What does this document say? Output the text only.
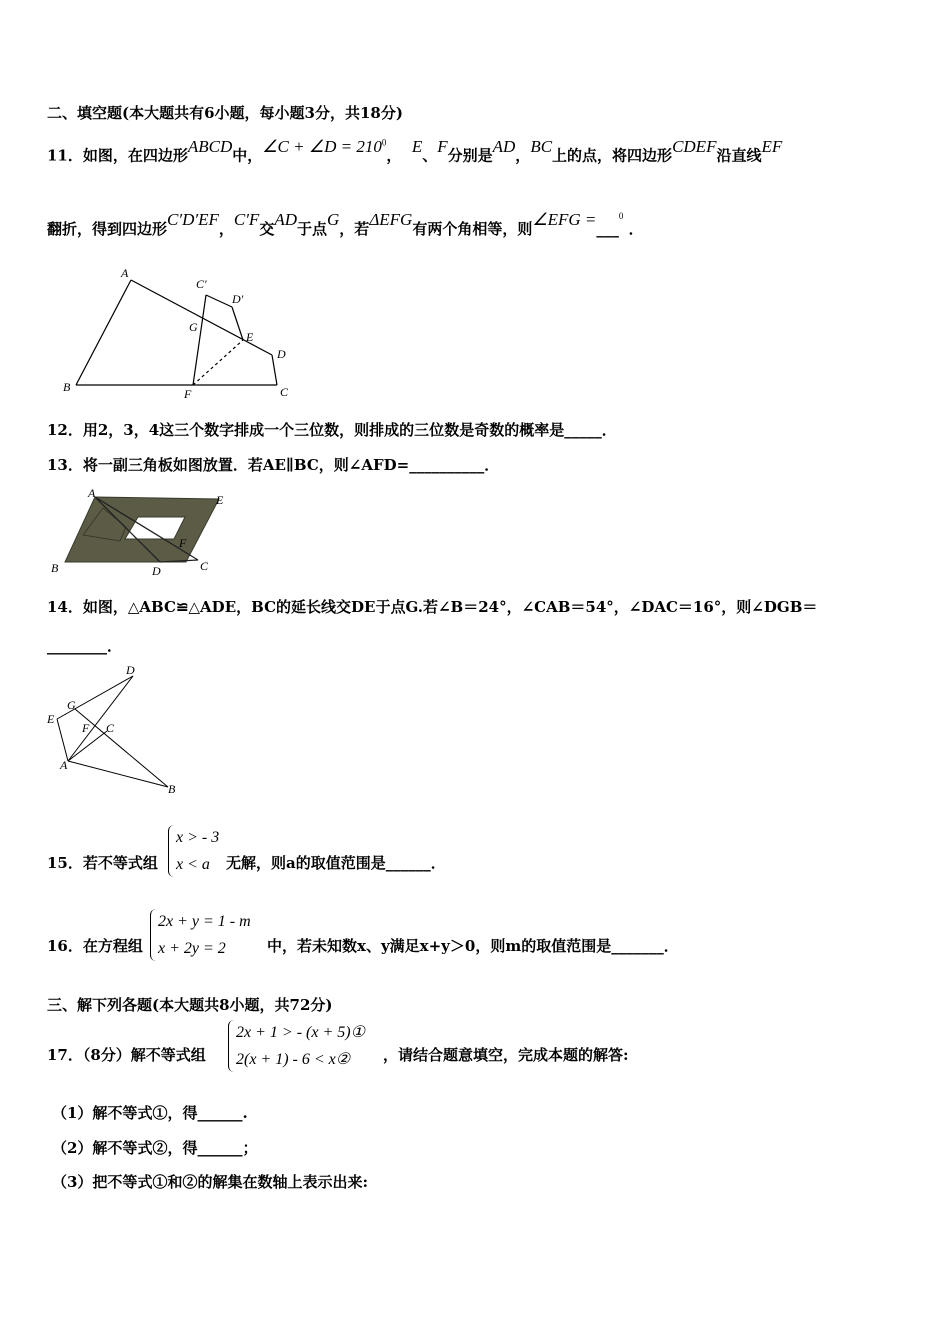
二、填空题(本大题共有6小题，每小题3分，共18分)
11．如图，在四边形ABCD中，∠C + ∠D = $210^0$， E、F分别是AD，BC上的点，将四边形CDEF沿直线EF
翻折，得到四边形C′D′EF，C′F交AD于点G，若ΔEFG有两个角相等，则∠EFG =___$^0$ ．
A
B	C
D
E
F
G
C′
D′
12．用2，3，4这三个数字排成一个三位数，则排成的三位数是奇数的概率是_____．
13．将一副三角板如图放置．若AE∥BC，则∠AFD=__________．
A	E
B	D	C
F
14．如图，△ABC≌△ADE，BC的延长线交DE于点G.若∠B＝24°，∠CAB＝54°，∠DAC＝16°，则∠DGB＝
________．
D
G
E
F C
A
B
15．若不等式组
x > - 3
x < a 无解，则a的取值范围是______．
16．在方程组
2x + y = 1 - m
x + 2y = 2	中，若未知数x、y满足x+y＞0，则m的取值范围是_______．
三、解下列各题(本大题共8小题，共72分)
17．（8分）解不等式组
2x + 1 > - (x + 5)①
2(x + 1) - 6 < x② ，请结合题意填空，完成本题的解答:
（1）解不等式①，得______.
（2）解不等式②，得______；
（3）把不等式①和②的解集在数轴上表示出来:
